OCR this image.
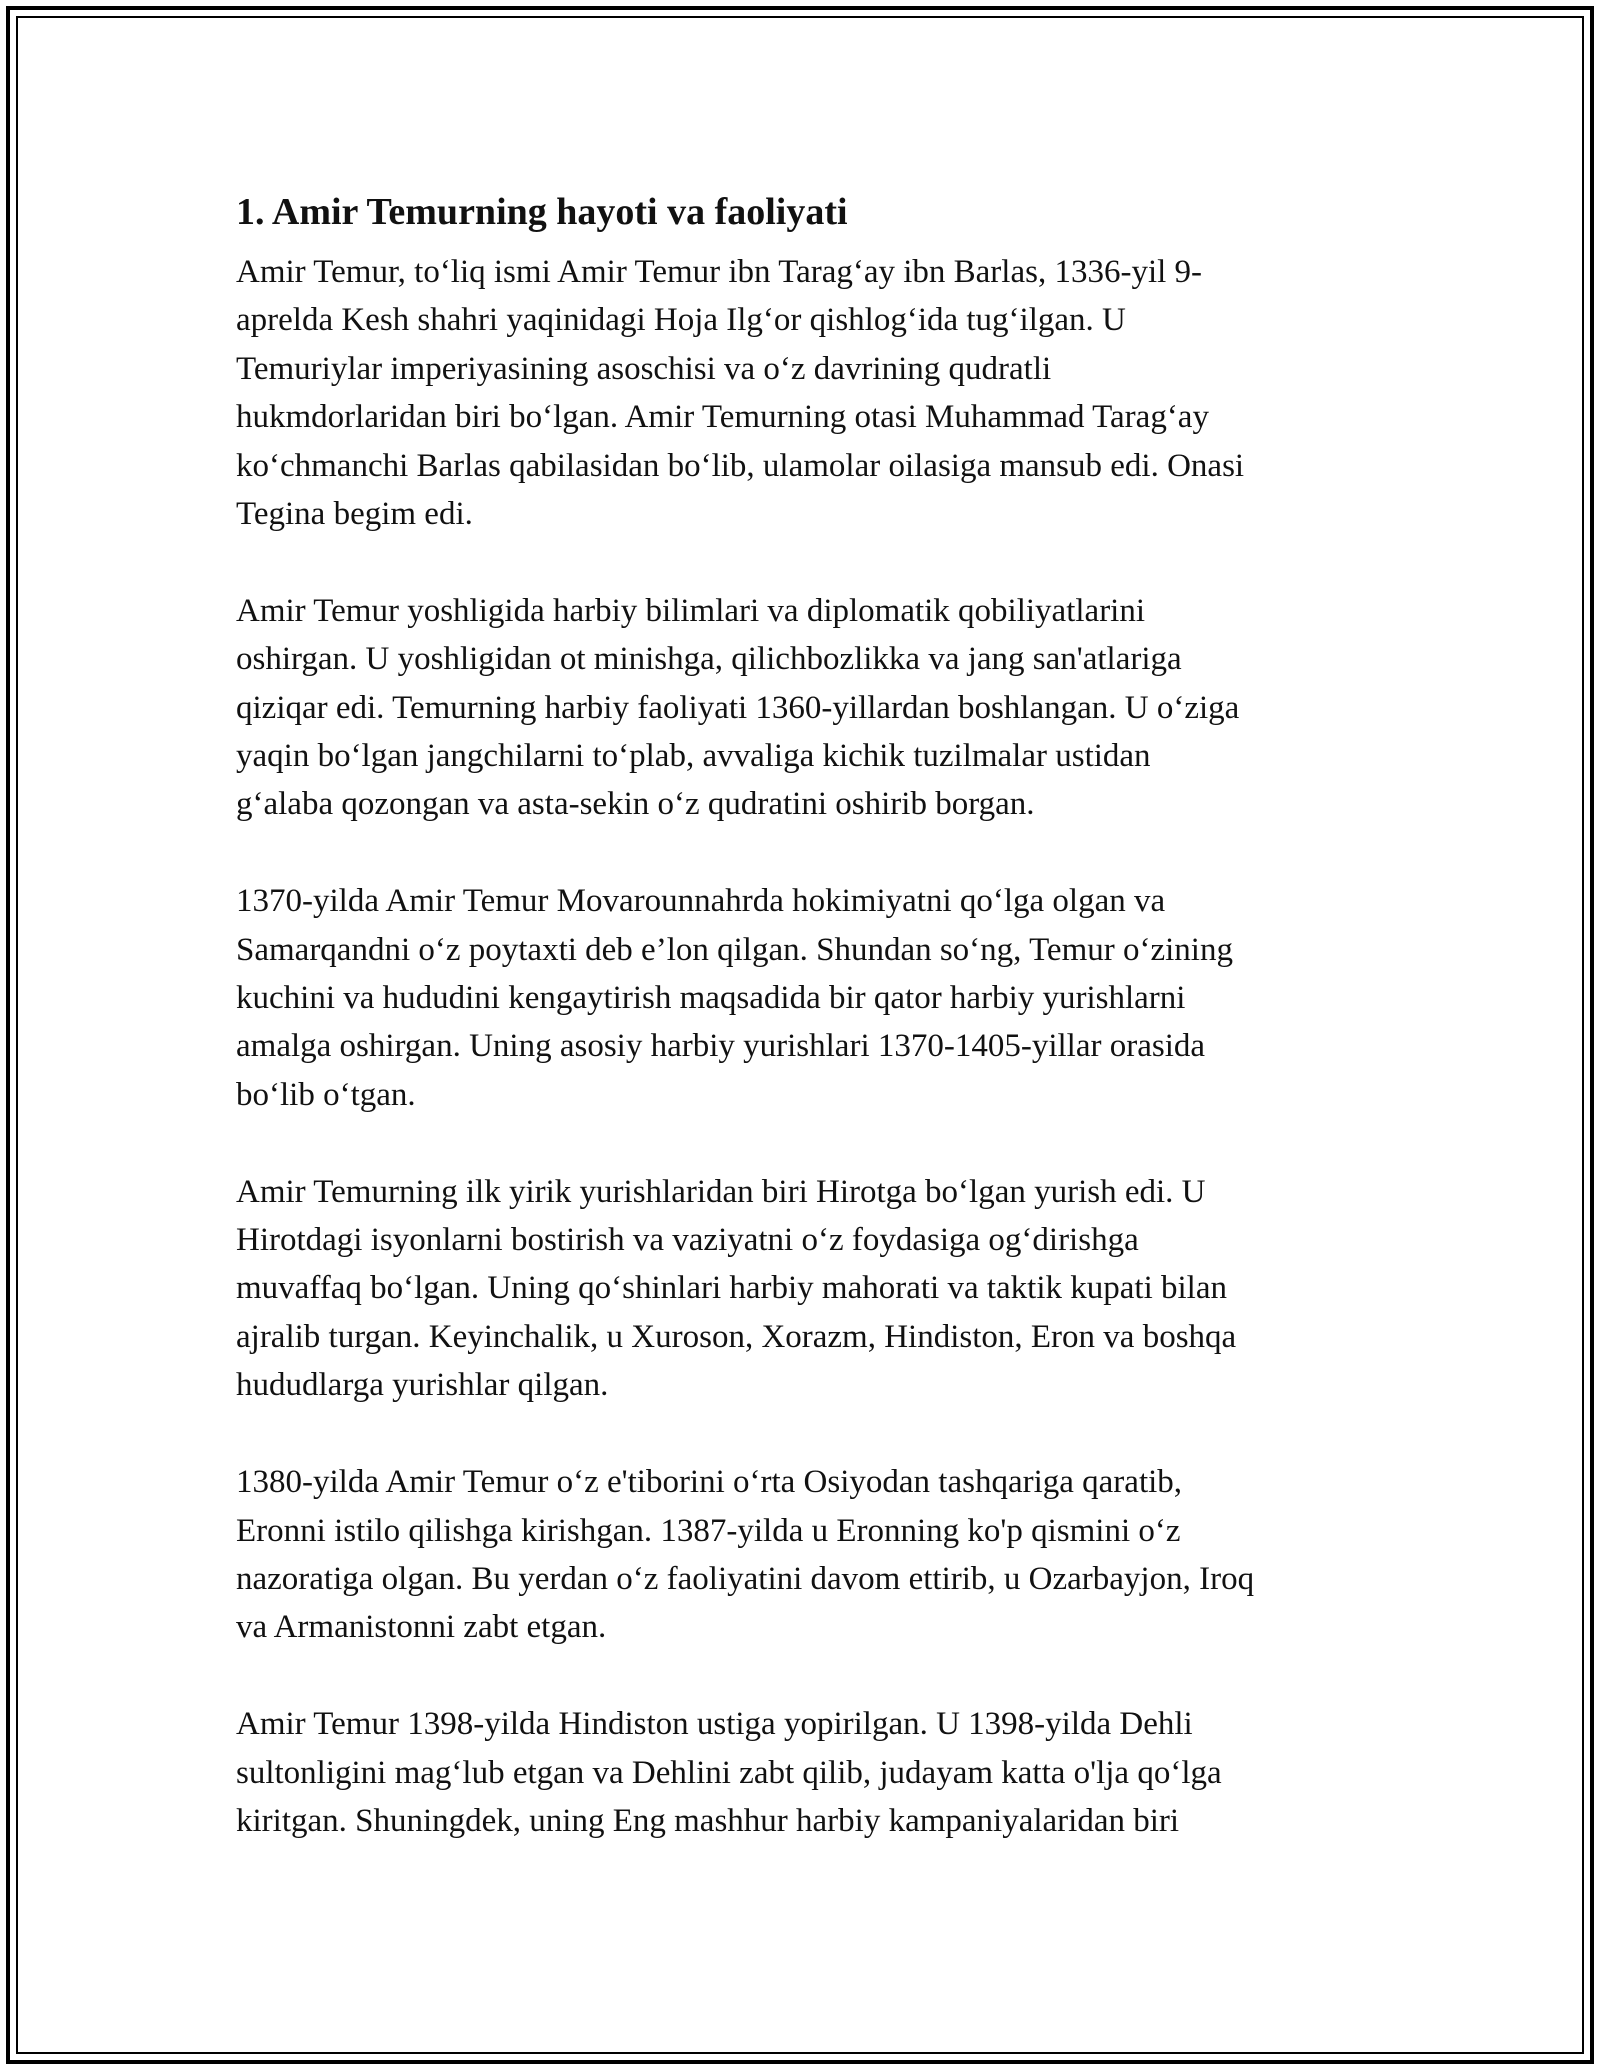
1. Amir Temurning hayoti va faoliyati
Amir Temur, to‘liq ismi Amir Temur ibn Tarag‘ay ibn Barlas, 1336-yil 9-
aprelda Kesh shahri yaqinidagi Hoja Ilg‘or qishlog‘ida tug‘ilgan. U
Temuriylar imperiyasining asoschisi va o‘z davrining qudratli
hukmdorlaridan biri bo‘lgan. Amir Temurning otasi Muhammad Tarag‘ay
ko‘chmanchi Barlas qabilasidan bo‘lib, ulamolar oilasiga mansub edi. Onasi
Tegina begim edi.
Amir Temur yoshligida harbiy bilimlari va diplomatik qobiliyatlarini
oshirgan. U yoshligidan ot minishga, qilichbozlikka va jang san'atlariga
qiziqar edi. Temurning harbiy faoliyati 1360-yillardan boshlangan. U o‘ziga
yaqin bo‘lgan jangchilarni to‘plab, avvaliga kichik tuzilmalar ustidan
g‘alaba qozongan va asta-sekin o‘z qudratini oshirib borgan.
1370-yilda Amir Temur Movarounnahrda hokimiyatni qo‘lga olgan va
Samarqandni o‘z poytaxti deb e’lon qilgan. Shundan so‘ng, Temur o‘zining
kuchini va hududini kengaytirish maqsadida bir qator harbiy yurishlarni
amalga oshirgan. Uning asosiy harbiy yurishlari 1370-1405-yillar orasida
bo‘lib o‘tgan.
Amir Temurning ilk yirik yurishlaridan biri Hirotga bo‘lgan yurish edi. U
Hirotdagi isyonlarni bostirish va vaziyatni o‘z foydasiga og‘dirishga
muvaffaq bo‘lgan. Uning qo‘shinlari harbiy mahorati va taktik kupati bilan
ajralib turgan. Keyinchalik, u Xuroson, Xorazm, Hindiston, Eron va boshqa
hududlarga yurishlar qilgan.
1380-yilda Amir Temur o‘z e'tiborini o‘rta Osiyodan tashqariga qaratib,
Eronni istilo qilishga kirishgan. 1387-yilda u Eronning ko'p qismini o‘z
nazoratiga olgan. Bu yerdan o‘z faoliyatini davom ettirib, u Ozarbayjon, Iroq
va Armanistonni zabt etgan.
Amir Temur 1398-yilda Hindiston ustiga yopirilgan. U 1398-yilda Dehli
sultonligini mag‘lub etgan va Dehlini zabt qilib, judayam katta o'lja qo‘lga
kiritgan. Shuningdek, uning Eng mashhur harbiy kampaniyalaridan biri
